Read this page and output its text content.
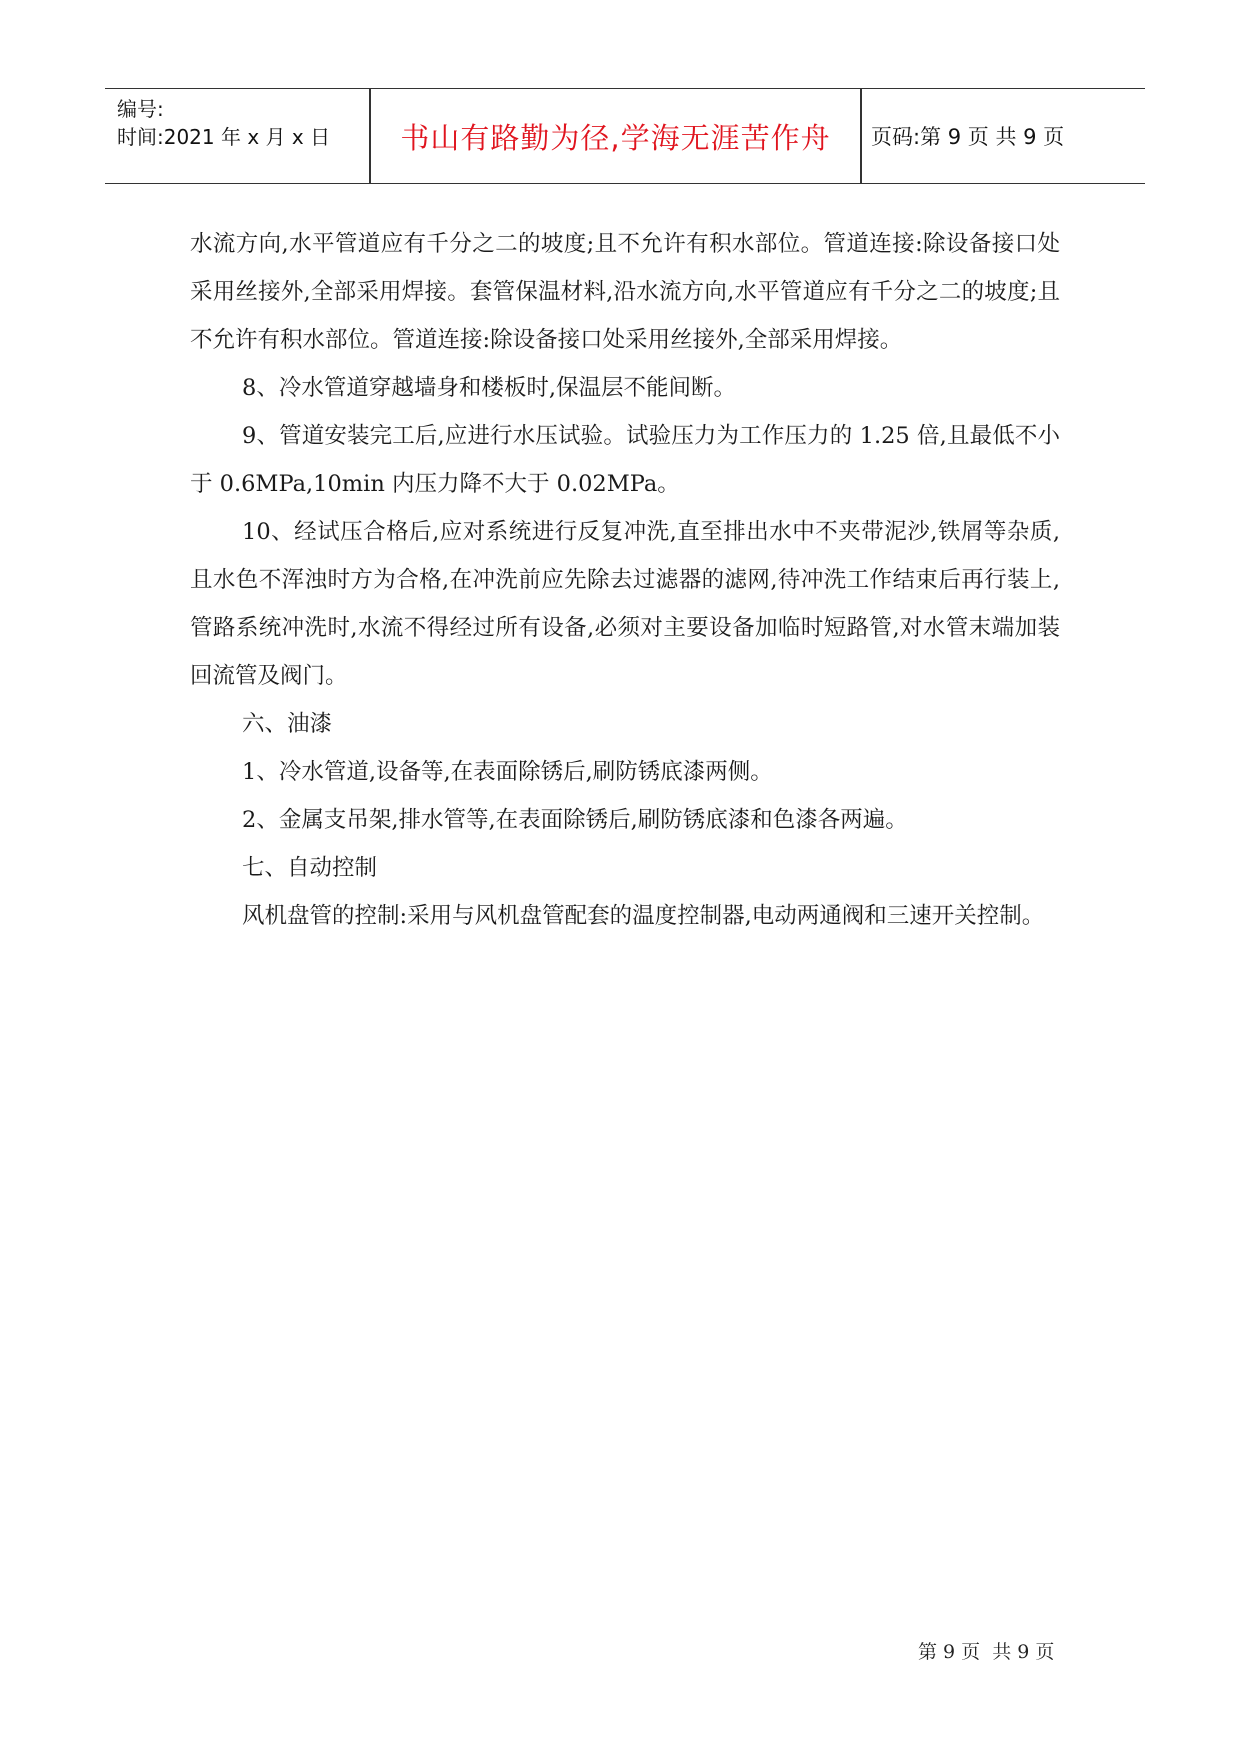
编号:
时间:2021 年 x 月 x 日	书山有路勤为径,学海无涯苦作舟	页码:第 9 页 共 9 页

水流方向,水平管道应有千分之二的坡度;且不允许有积水部位。管道连接:除设备接口处采用丝接外,全部采用焊接。套管保温材料,沿水流方向,水平管道应有千分之二的坡度;且不允许有积水部位。管道连接:除设备接口处采用丝接外,全部采用焊接。

8、冷水管道穿越墙身和楼板时,保温层不能间断。

9、管道安装完工后,应进行水压试验。试验压力为工作压力的 1.25 倍,且最低不小于 0.6MPa,10min 内压力降不大于 0.02MPa。

10、经试压合格后,应对系统进行反复冲洗,直至排出水中不夹带泥沙,铁屑等杂质,且水色不浑浊时方为合格,在冲洗前应先除去过滤器的滤网,待冲洗工作结束后再行装上,管路系统冲洗时,水流不得经过所有设备,必须对主要设备加临时短路管,对水管末端加装回流管及阀门。

六、油漆

1、冷水管道,设备等,在表面除锈后,刷防锈底漆两侧。

2、金属支吊架,排水管等,在表面除锈后,刷防锈底漆和色漆各两遍。

七、自动控制

风机盘管的控制:采用与风机盘管配套的温度控制器,电动两通阀和三速开关控制。

第 9 页  共 9 页
